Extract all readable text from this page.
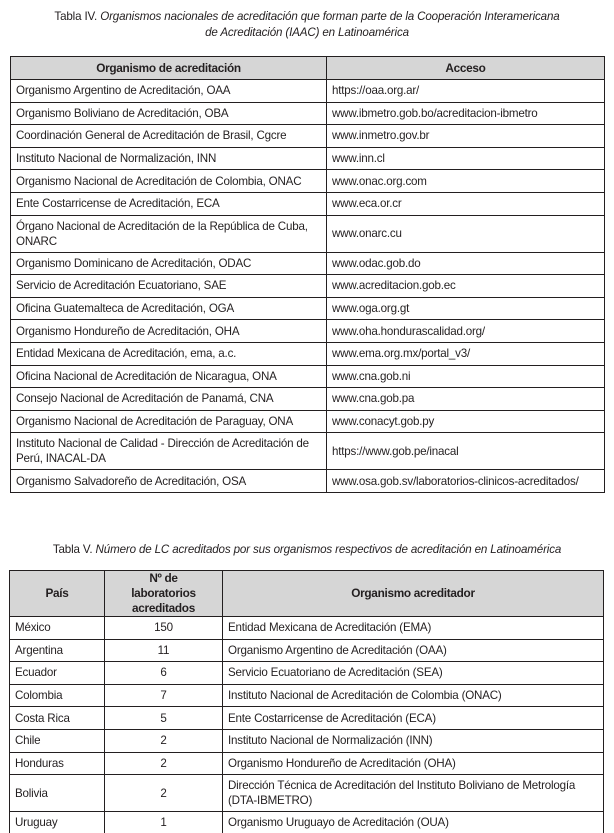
Tabla IV. Organismos nacionales de acreditación que forman parte de la Cooperación Interamericana
de Acreditación (IAAC) en Latinoamérica
Organismo de acreditación	Acceso
Organismo Argentino de Acreditación, OAA	https://oaa.org.ar/
Organismo Boliviano de Acreditación, OBA	www.ibmetro.gob.bo/acreditacion-ibmetro
Coordinación General de Acreditación de Brasil, Cgcre	www.inmetro.gov.br
Instituto Nacional de Normalización, INN	www.inn.cl
Organismo Nacional de Acreditación de Colombia, ONAC	www.onac.org.com
Ente Costarricense de Acreditación, ECA	www.eca.or.cr
Órgano Nacional de Acreditación de la República de Cuba, ONARC	www.onarc.cu
Organismo Dominicano de Acreditación, ODAC	www.odac.gob.do
Servicio de Acreditación Ecuatoriano, SAE	www.acreditacion.gob.ec
Oficina Guatemalteca de Acreditación, OGA	www.oga.org.gt
Organismo Hondureño de Acreditación, OHA	www.oha.hondurascalidad.org/
Entidad Mexicana de Acreditación, ema, a.c.	www.ema.org.mx/portal_v3/
Oficina Nacional de Acreditación de Nicaragua, ONA	www.cna.gob.ni
Consejo Nacional de Acreditación de Panamá, CNA	www.cna.gob.pa
Organismo Nacional de Acreditación de Paraguay, ONA	www.conacyt.gob.py
Instituto Nacional de Calidad - Dirección de Acreditación de Perú, INACAL-DA	https://www.gob.pe/inacal
Organismo Salvadoreño de Acreditación, OSA	www.osa.gob.sv/laboratorios-clinicos-acreditados/
Tabla V. Número de LC acreditados por sus organismos respectivos de acreditación en Latinoamérica
País	Nº de laboratorios acreditados	Organismo acreditador
México	150	Entidad Mexicana de Acreditación (EMA)
Argentina	11	Organismo Argentino de Acreditación (OAA)
Ecuador	6	Servicio Ecuatoriano de Acreditación (SEA)
Colombia	7	Instituto Nacional de Acreditación de Colombia (ONAC)
Costa Rica	5	Ente Costarricense de Acreditación (ECA)
Chile	2	Instituto Nacional de Normalización (INN)
Honduras	2	Organismo Hondureño de Acreditación (OHA)
Bolivia	2	Dirección Técnica de Acreditación del Instituto Boliviano de Metrología (DTA-IBMETRO)
Uruguay	1	Organismo Uruguayo de Acreditación (OUA)
